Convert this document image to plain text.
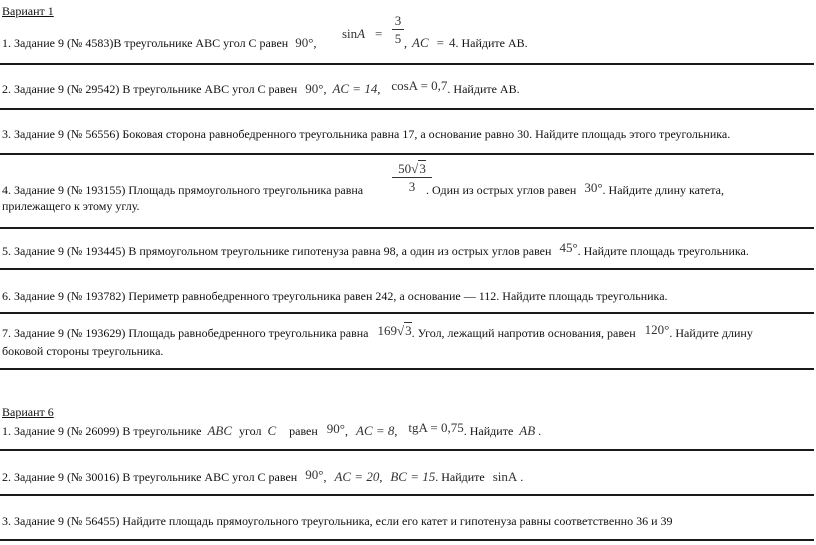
Вариант 1
1. Задание 9 (№ 4583)В треугольнике АВС угол С равен 90°,
sinA =
3
5 , AC = 4. Найдите АВ.
2. Задание 9 (№ 29542) В треугольнике АВС угол С равен 90°, AC = 14, cosA = 0,7. Найдите АВ.
3. Задание 9 (№ 56556) Боковая сторона равнобедренного треугольника равна 17, а основание равно 30. Найдите площадь этого треугольника.
50√3
3
4. Задание 9 (№ 193155) Площадь прямоугольного треугольника равна	. Один из острых углов равен 30°. Найдите длину катета,
прилежащего к этому углу.
5. Задание 9 (№ 193445) В прямоугольном треугольнике гипотенуза равна 98, а один из острых углов равен 45°. Найдите площадь треугольника.
6. Задание 9 (№ 193782) Периметр равнобедренного треугольника равен 242, а основание — 112. Найдите площадь треугольника.
7. Задание 9 (№ 193629) Площадь равнобедренного треугольника равна 169√3. Угол, лежащий напротив основания, равен 120°. Найдите длину
боковой стороны треугольника.
Вариант 6
1. Задание 9 (№ 26099) В треугольнике ABC угол C равен 90°, AC = 8, tgA = 0,75. Найдите AB .
2. Задание 9 (№ 30016) В треугольнике АВС угол С равен 90°, AC = 20, BC = 15. Найдите sinA .
3. Задание 9 (№ 56455) Найдите площадь прямоугольного треугольника, если его катет и гипотенуза равны соответственно 36 и 39
